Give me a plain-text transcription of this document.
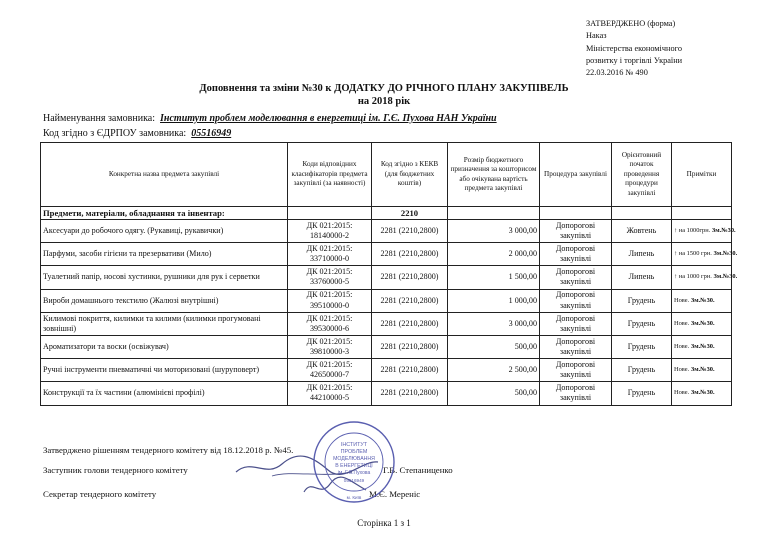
ЗАТВЕРДЖЕНО (форма)
Наказ
Міністерства економічного
розвитку і торгівлі України
22.03.2016 № 490
Доповнення та зміни №30 к ДОДАТКУ ДО РІЧНОГО ПЛАНУ ЗАКУПІВЕЛЬ
на 2018 рік
Найменування замовника: Інститут проблем моделювання в енергетиці ім. Г.Є. Пухова НАН України
Код згідно з ЄДРПОУ замовника: 05516949
Конкретна назва предмета закупівлі	Коди відповідних класифікаторів предмета закупівлі (за наявності)	Код згідно з КЕКВ (для бюджетних коштів)	Розмір бюджетного призначення за кошторисом або очікувана вартість предмета закупівлі	Процедура закупівлі	Орієнтовний початок проведення процедури закупівлі	Примітки
Предмети, матеріали, обладнання та інвентар:		2210				
Аксесуари до робочого одягу. (Рукавиці, рукавички)	ДК 021:2015: 18140000-2	2281 (2210,2800)	3 000,00	Допорогові закупівлі	Жовтень	↑ на 1000грн. Зм.№30.
Парфуми, засоби гігієни та презервативи (Мило)	ДК 021:2015: 33710000-0	2281 (2210,2800)	2 000,00	Допорогові закупівлі	Липень	↑ на 1500 грн. Зм.№30.
Туалетний папір, носові хустинки, рушники для рук і серветки	ДК 021:2015: 33760000-5	2281 (2210,2800)	1 500,00	Допорогові закупівлі	Липень	↑ на 1000 грн. Зм.№30.
Вироби домашнього текстилю (Жалюзі внутрішні)	ДК 021:2015: 39510000-0	2281 (2210,2800)	1 000,00	Допорогові закупівлі	Грудень	Нове. Зм.№30.
Килимові покриття, килимки та килими (килимки прогумовані зовнішні)	ДК 021:2015: 39530000-6	2281 (2210,2800)	3 000,00	Допорогові закупівлі	Грудень	Нове. Зм.№30.
Ароматизатори та воски (освіжувач)	ДК 021:2015: 39810000-3	2281 (2210,2800)	500,00	Допорогові закупівлі	Грудень	Нове. Зм.№30.
Ручні інструменти пневматичні чи моторизовані (шуруповерт)	ДК 021:2015: 42650000-7	2281 (2210,2800)	2 500,00	Допорогові закупівлі	Грудень	Нове. Зм.№30.
Конструкції та їх частини (алюмінієві профілі)	ДК 021:2015: 44210000-5	2281 (2210,2800)	500,00	Допорогові закупівлі	Грудень	Нове. Зм.№30.
Затверджено рішенням тендерного комітету від 18.12.2018 р. №45.
Заступник голови тендерного комітету	Г.В. Степаниценко
Секретар тендерного комітету	М.Є. Мереніс
ІНСТИТУТ
ПРОБЛЕМ
МОДЕЛЮВАННЯ
В ЕНЕРГЕТИЦІ
ім. Г.Є.Пухова
05516949
м. Київ
Сторінка 1 з 1
